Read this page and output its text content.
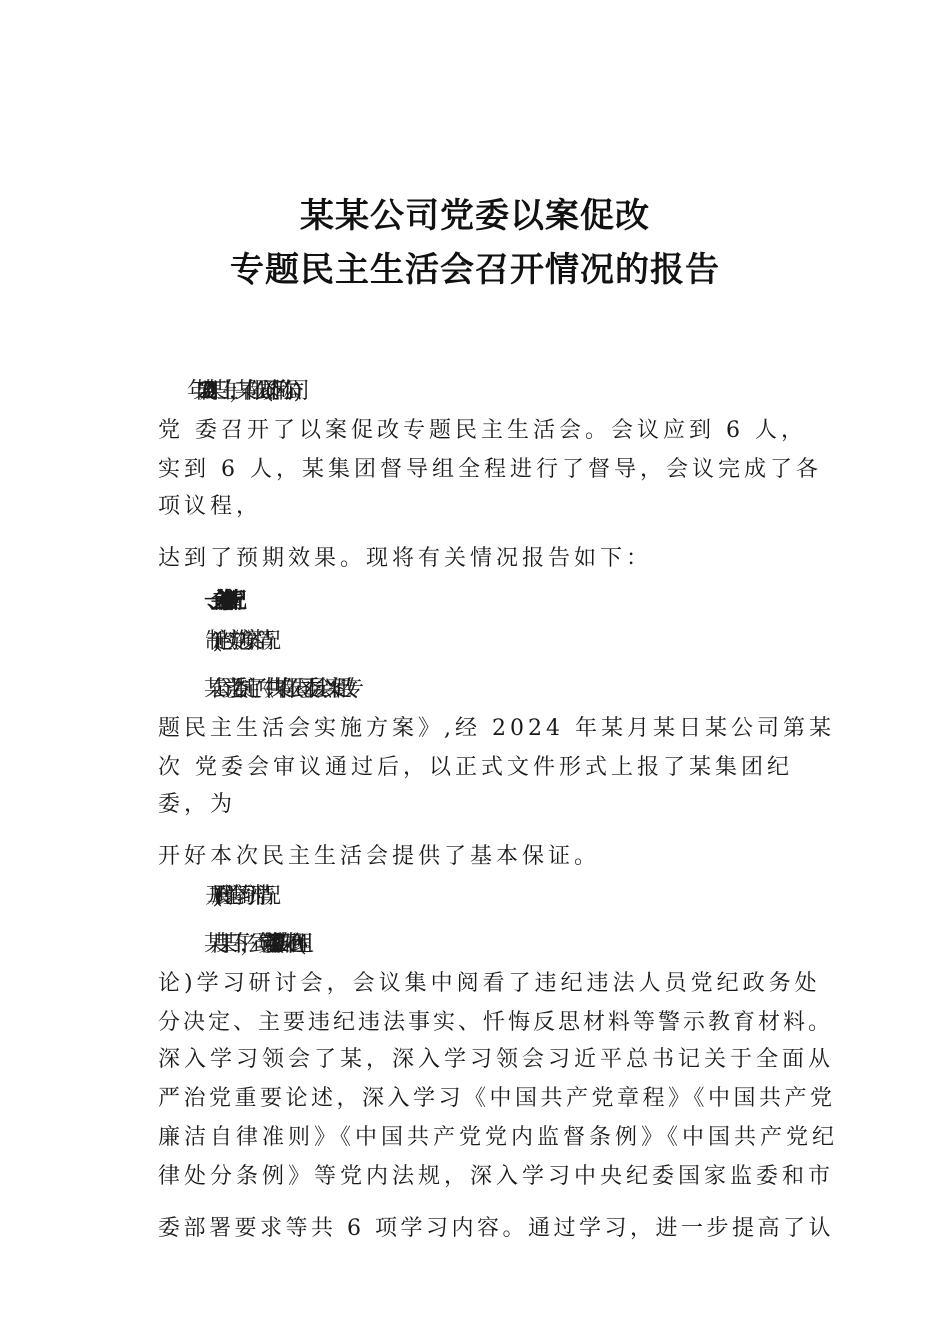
某某公司党委以案促改
专题民主生活会召开情况的报告
2023 年某月某日上午，某有限公司(以下简称公司)
党 委召开了以案促改专题民主生活会。会议应到 6 人，
实到 6 人，某集团督导组全程进行了督导，会议完成了各
项议程，
达到了预期效果。现将有关情况报告如下：
一、会前准备情况
(一)制定《实施方案》情况
某公司党委制定了《中共某有限公司委员会以案促改专
题民主生活会实施方案》,经 2024 年某月某日某公司第某
次 党委会审议通过后，以正式文件形式上报了某集团纪
委，为
开好本次民主生活会提供了基本保证。
(二)开展理论学习研讨情况
某月某日下午，公司党委召开 2024 年第某次中心组(理
论)学习研讨会，会议集中阅看了违纪违法人员党纪政务处
分决定、主要违纪违法事实、忏悔反思材料等警示教育材料。
深入学习领会了某，深入学习领会习近平总书记关于全面从
严治党重要论述，深入学习《中国共产党章程》《中国共产党
廉洁自律准则》《中国共产党党内监督条例》《中国共产党纪
律处分条例》等党内法规，深入学习中央纪委国家监委和市
委部署要求等共 6 项学习内容。通过学习，进一步提高了认
